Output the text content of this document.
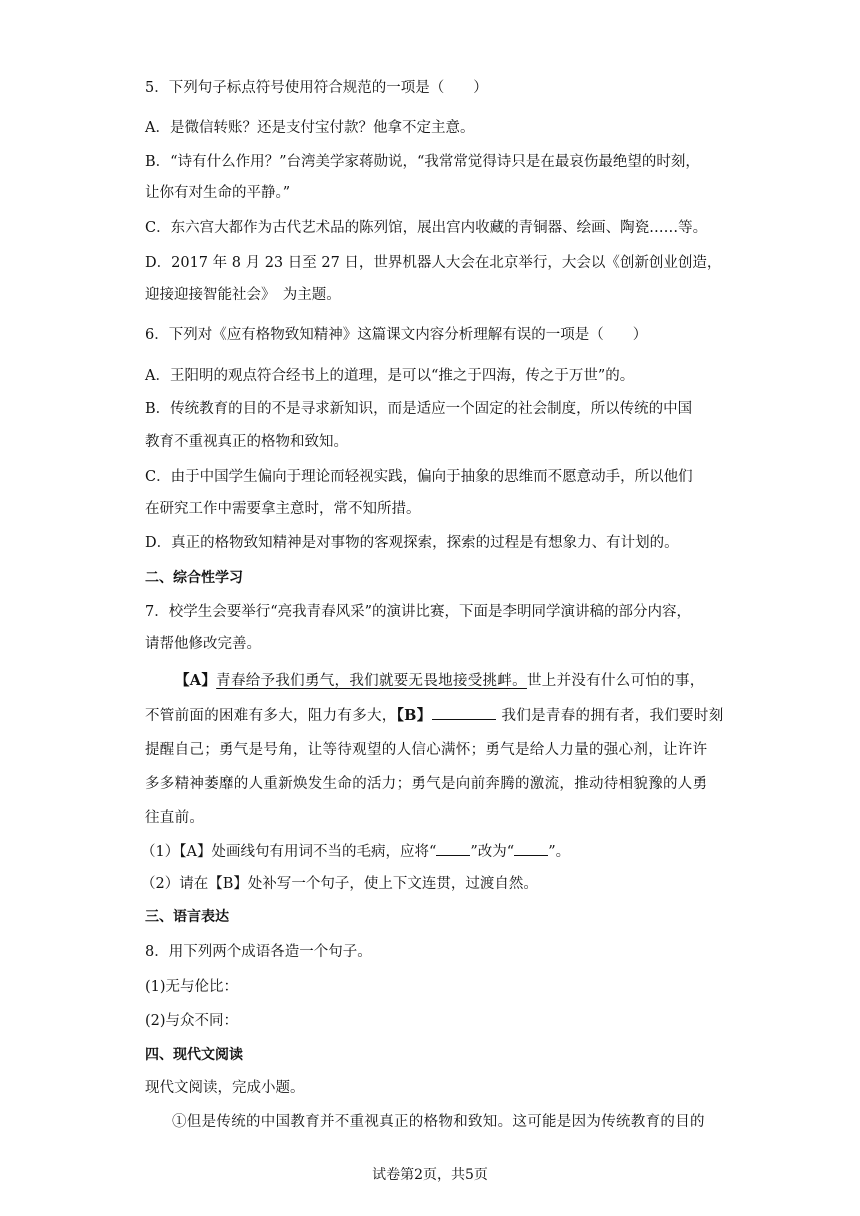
5．下列句子标点符号使用符合规范的一项是（　　）
A．是微信转账？还是支付宝付款？他拿不定主意。
B．“诗有什么作用？”台湾美学家蒋勋说，“我常常觉得诗只是在最哀伤最绝望的时刻，
让你有对生命的平静。”
C．东六宫大都作为古代艺术品的陈列馆，展出宫内收藏的青铜器、绘画、陶瓷……等。
D．2017 年 8 月 23 日至 27 日，世界机器人大会在北京举行，大会以《创新创业创造，
迎接迎接智能社会》　为主题。
6．下列对《应有格物致知精神》这篇课文内容分析理解有误的一项是（　　）
A．王阳明的观点符合经书上的道理，是可以“推之于四海，传之于万世”的。
B．传统教育的目的不是寻求新知识，而是适应一个固定的社会制度，所以传统的中国
教育不重视真正的格物和致知。
C．由于中国学生偏向于理论而轻视实践，偏向于抽象的思维而不愿意动手，所以他们
在研究工作中需要拿主意时，常不知所措。
D．真正的格物致知精神是对事物的客观探索，探索的过程是有想象力、有计划的。
二、综合性学习
7．校学生会要举行“亮我青春风采”的演讲比赛，下面是李明同学演讲稿的部分内容，
请帮他修改完善。
【A】青春给予我们勇气，我们就要无畏地接受挑衅。世上并没有什么可怕的事，
不管前面的困难有多大，阻力有多大，【B】	我们是青春的拥有者，我们要时刻
提醒自己；勇气是号角，让等待观望的人信心满怀；勇气是给人力量的强心剂，让许许
多多精神萎靡的人重新焕发生命的活力；勇气是向前奔腾的激流，推动待相貌豫的人勇
往直前。
（1）【A】处画线句有用词不当的毛病，应将“ ”改为“ ”。
（2）请在【B】处补写一个句子，使上下文连贯，过渡自然。
三、语言表达
8．用下列两个成语各造一个句子。
(1)无与伦比：
(2)与众不同：
四、现代文阅读
现代文阅读，完成小题。
①但是传统的中国教育并不重视真正的格物和致知。这可能是因为传统教育的目的
试卷第2页，共5页
